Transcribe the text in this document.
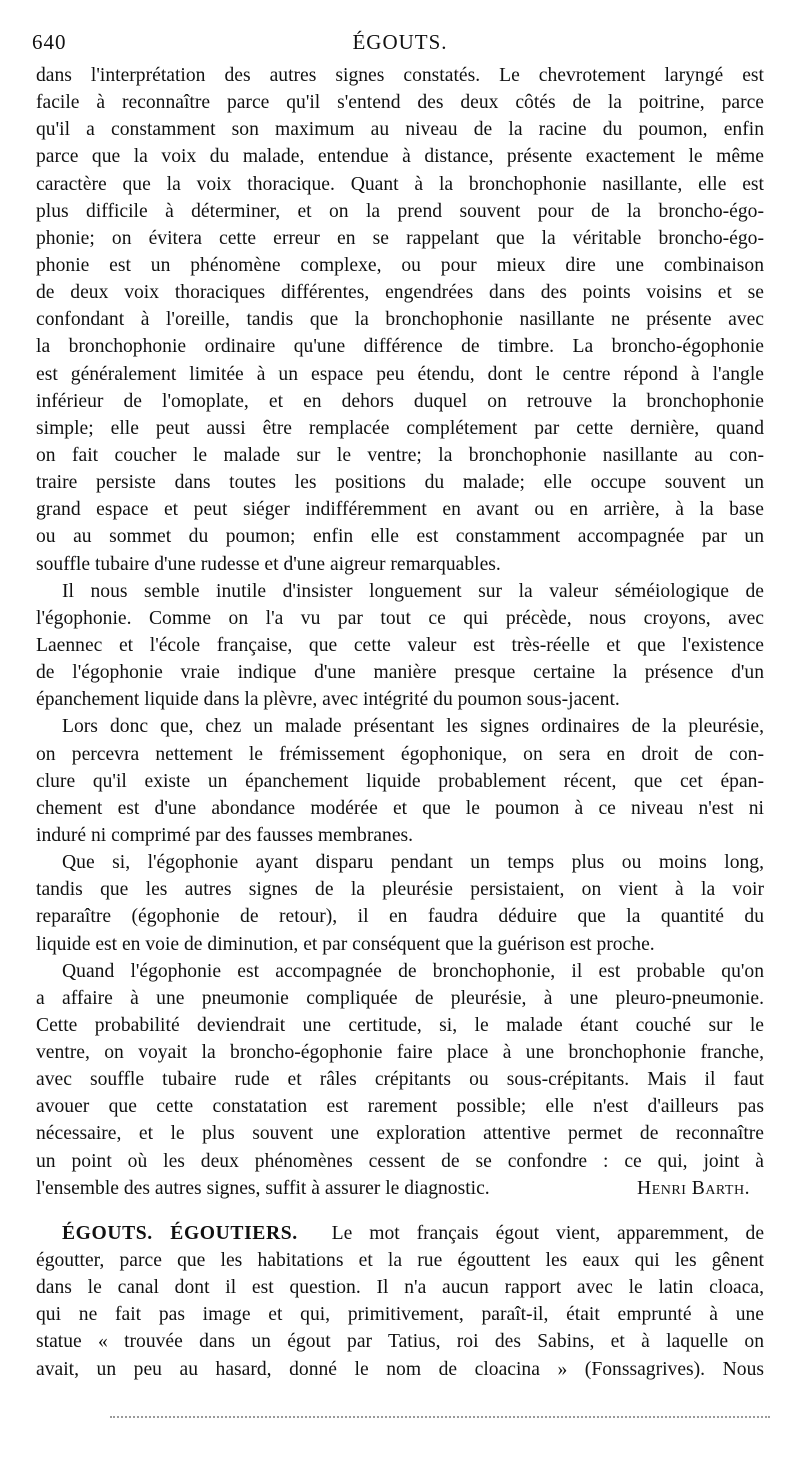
640	ÉGOUTS.
dans l'interprétation des autres signes constatés. Le chevrotement laryngé est
facile à reconnaître parce qu'il s'entend des deux côtés de la poitrine, parce
qu'il a constamment son maximum au niveau de la racine du poumon, enfin
parce que la voix du malade, entendue à distance, présente exactement le même
caractère que la voix thoracique. Quant à la bronchophonie nasillante, elle est
plus difficile à déterminer, et on la prend souvent pour de la broncho-égo-
phonie; on évitera cette erreur en se rappelant que la véritable broncho-égo-
phonie est un phénomène complexe, ou pour mieux dire une combinaison
de deux voix thoraciques différentes, engendrées dans des points voisins et se
confondant à l'oreille, tandis que la bronchophonie nasillante ne présente avec
la bronchophonie ordinaire qu'une différence de timbre. La broncho-égophonie
est généralement limitée à un espace peu étendu, dont le centre répond à l'angle
inférieur de l'omoplate, et en dehors duquel on retrouve la bronchophonie
simple; elle peut aussi être remplacée complétement par cette dernière, quand
on fait coucher le malade sur le ventre; la bronchophonie nasillante au con-
traire persiste dans toutes les positions du malade; elle occupe souvent un
grand espace et peut siéger indifféremment en avant ou en arrière, à la base
ou au sommet du poumon; enfin elle est constamment accompagnée par un
souffle tubaire d'une rudesse et d'une aigreur remarquables.
Il nous semble inutile d'insister longuement sur la valeur séméiologique de
l'égophonie. Comme on l'a vu par tout ce qui précède, nous croyons, avec
Laennec et l'école française, que cette valeur est très-réelle et que l'existence
de l'égophonie vraie indique d'une manière presque certaine la présence d'un
épanchement liquide dans la plèvre, avec intégrité du poumon sous-jacent.
Lors donc que, chez un malade présentant les signes ordinaires de la pleurésie,
on percevra nettement le frémissement égophonique, on sera en droit de con-
clure qu'il existe un épanchement liquide probablement récent, que cet épan-
chement est d'une abondance modérée et que le poumon à ce niveau n'est ni
induré ni comprimé par des fausses membranes.
Que si, l'égophonie ayant disparu pendant un temps plus ou moins long,
tandis que les autres signes de la pleurésie persistaient, on vient à la voir
reparaître (égophonie de retour), il en faudra déduire que la quantité du
liquide est en voie de diminution, et par conséquent que la guérison est proche.
Quand l'égophonie est accompagnée de bronchophonie, il est probable qu'on
a affaire à une pneumonie compliquée de pleurésie, à une pleuro-pneumonie.
Cette probabilité deviendrait une certitude, si, le malade étant couché sur le
ventre, on voyait la broncho-égophonie faire place à une bronchophonie franche,
avec souffle tubaire rude et râles crépitants ou sous-crépitants. Mais il faut
avouer que cette constatation est rarement possible; elle n'est d'ailleurs pas
nécessaire, et le plus souvent une exploration attentive permet de reconnaître
un point où les deux phénomènes cessent de se confondre : ce qui, joint à
l'ensemble des autres signes, suffit à assurer le diagnostic.	Henri Barth.
ÉGOUTS. ÉGOUTIERS. Le mot français égout vient, apparemment, de
égoutter, parce que les habitations et la rue égouttent les eaux qui les gênent
dans le canal dont il est question. Il n'a aucun rapport avec le latin cloaca,
qui ne fait pas image et qui, primitivement, paraît-il, était emprunté à une
statue « trouvée dans un égout par Tatius, roi des Sabins, et à laquelle on
avait, un peu au hasard, donné le nom de cloacina » (Fonssagrives). Nous
